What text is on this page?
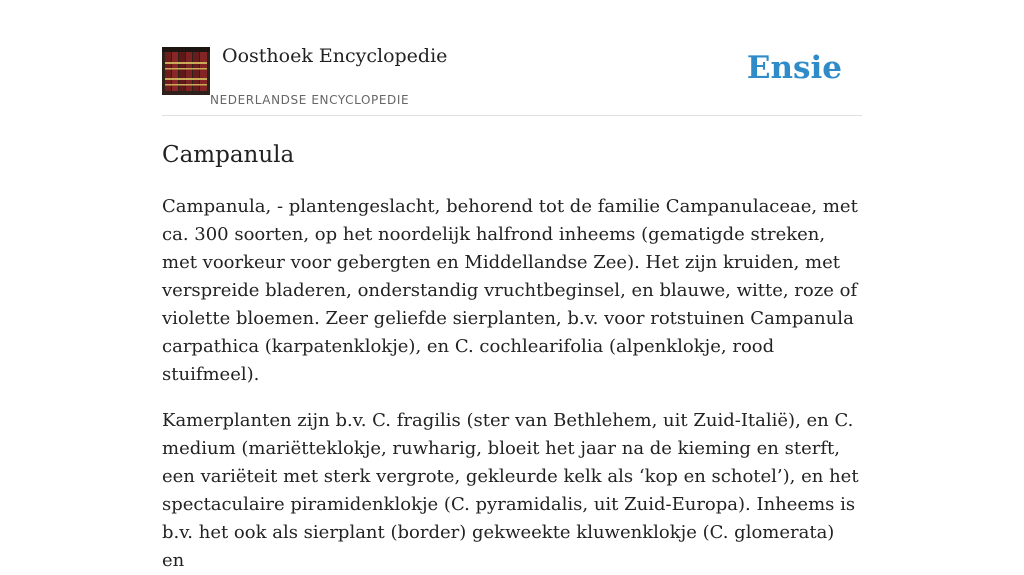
Oosthoek Encyclopedie
NEDERLANDSE ENCYCLOPEDIE
Ensie
Campanula

Campanula, - plantengeslacht, behorend tot de familie Campanulaceae, met ca. 300 soorten, op het noordelijk halfrond inheems (gematigde streken, met voorkeur voor gebergten en Middellandse Zee). Het zijn kruiden, met verspreide bladeren, onderstandig vruchtbeginsel, en blauwe, witte, roze of violette bloemen. Zeer geliefde sierplanten, b.v. voor rotstuinen Campanula carpathica (karpatenklokje), en C. cochlearifolia (alpenklokje, rood stuifmeel).

Kamerplanten zijn b.v. C. fragilis (ster van Bethlehem, uit Zuid-Italië), en C. medium (mariëtteklokje, ruwharig, bloeit het jaar na de kieming en sterft, een variëteit met sterk vergrote, gekleurde kelk als ‘kop en schotel’), en het spectaculaire piramidenklokje (C. pyramidalis, uit Zuid-Europa). Inheems is b.v. het ook als sierplant (border) gekweekte kluwenklokje (C. glomerata) en
